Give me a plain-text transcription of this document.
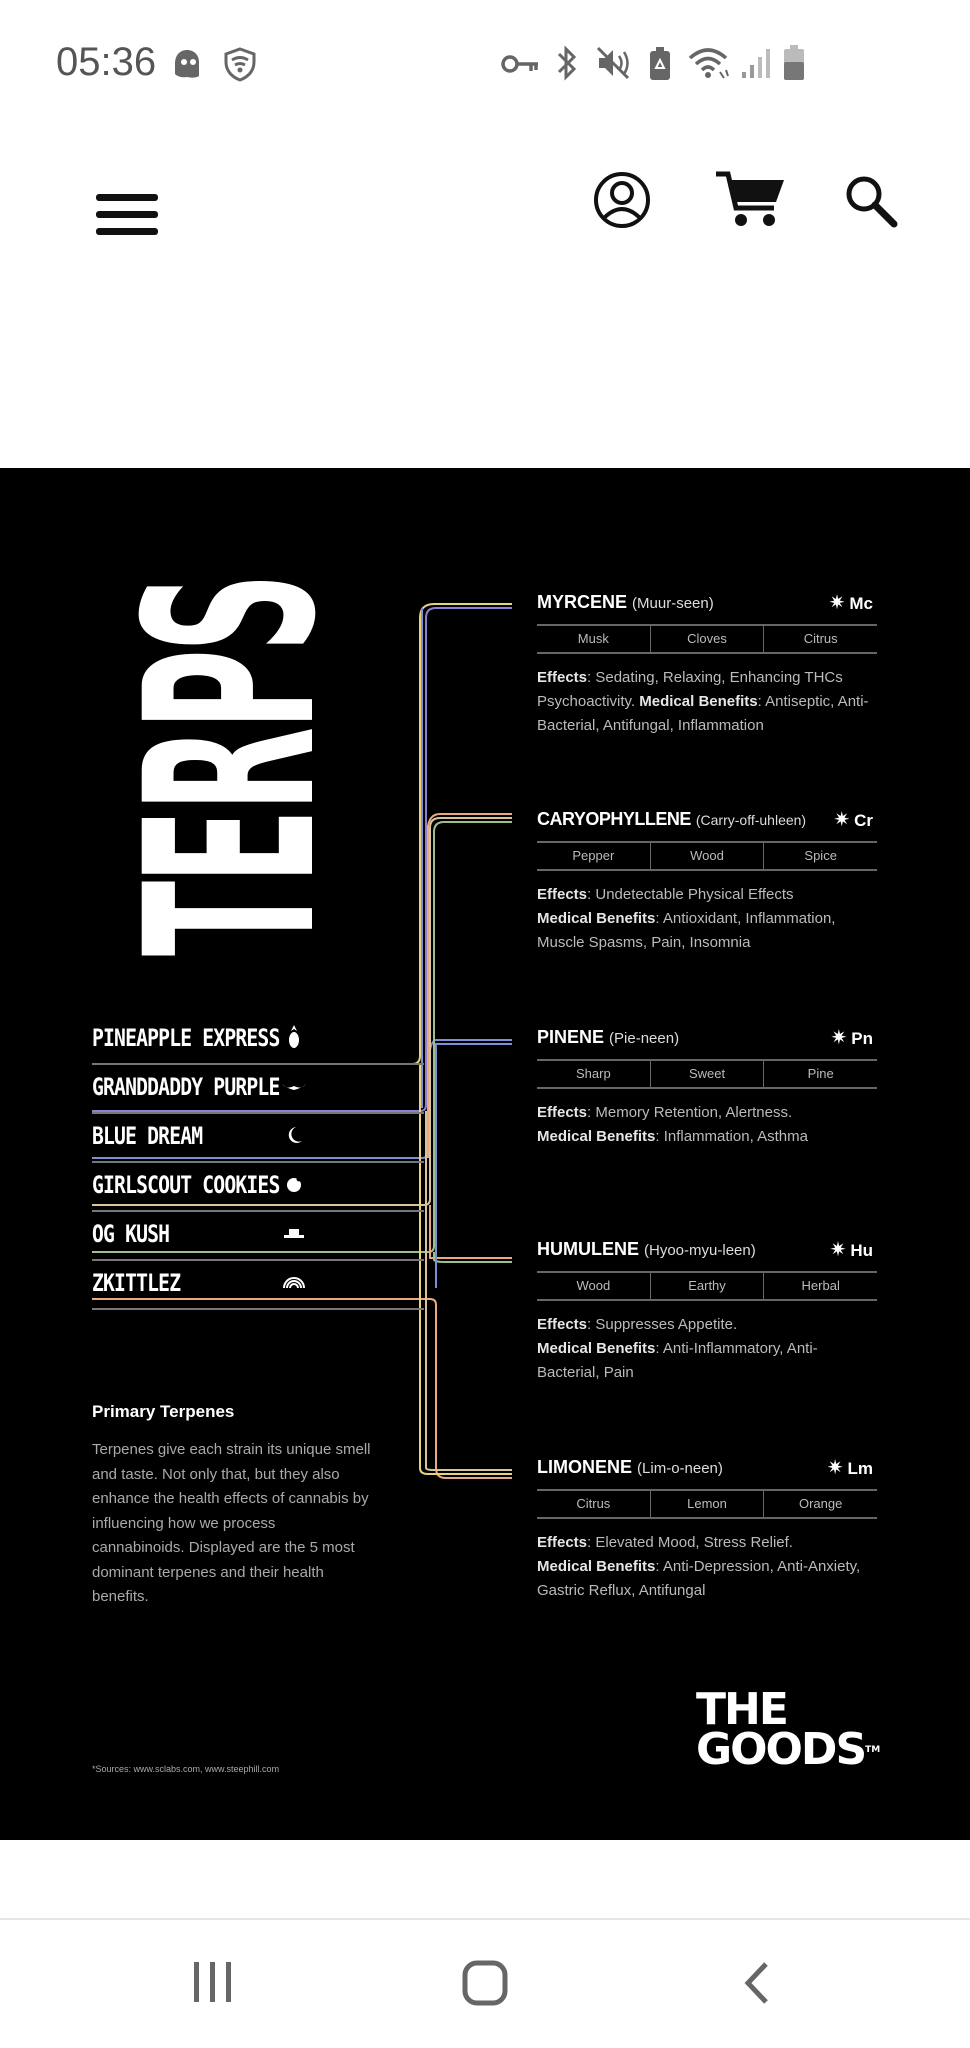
05:36
TERPS
PINEAPPLE EXPRESS
GRANDDADDY PURPLE
BLUE DREAM
GIRLSCOUT COOKIES
OG KUSH
ZKITTLEZ
MYRCENE (Muur-seen)	✷ Mc
Musk	Cloves	Citrus
Effects: Sedating, Relaxing, Enhancing THCs Psychoactivity. Medical Benefits: Antiseptic, Anti-Bacterial, Antifungal, Inflammation
CARYOPHYLLENE (Carry-off-uhleen) ✷ Cr
Pepper	Wood	Spice
Effects: Undetectable Physical Effects
Medical Benefits: Antioxidant, Inflammation, Muscle Spasms, Pain, Insomnia
PINENE (Pie-neen)	✷ Pn
Sharp	Sweet	Pine
Effects: Memory Retention, Alertness.
Medical Benefits: Inflammation, Asthma
HUMULENE (Hyoo-myu-leen)	✷ Hu
Wood	Earthy	Herbal
Effects: Suppresses Appetite.
Medical Benefits: Anti-Inflammatory, Anti-Bacterial, Pain
LIMONENE (Lim-o-neen)	✷ Lm
Citrus	Lemon	Orange
Effects: Elevated Mood, Stress Relief.
Medical Benefits: Anti-Depression, Anti-Anxiety, Gastric Reflux, Antifungal
Primary Terpenes
Terpenes give each strain its unique smell and taste. Not only that, but they also enhance the health effects of cannabis by influencing how we process cannabinoids. Displayed are the 5 most dominant terpenes and their health benefits.
*Sources: www.sclabs.com, www.steephill.com
THE
GOODS™
